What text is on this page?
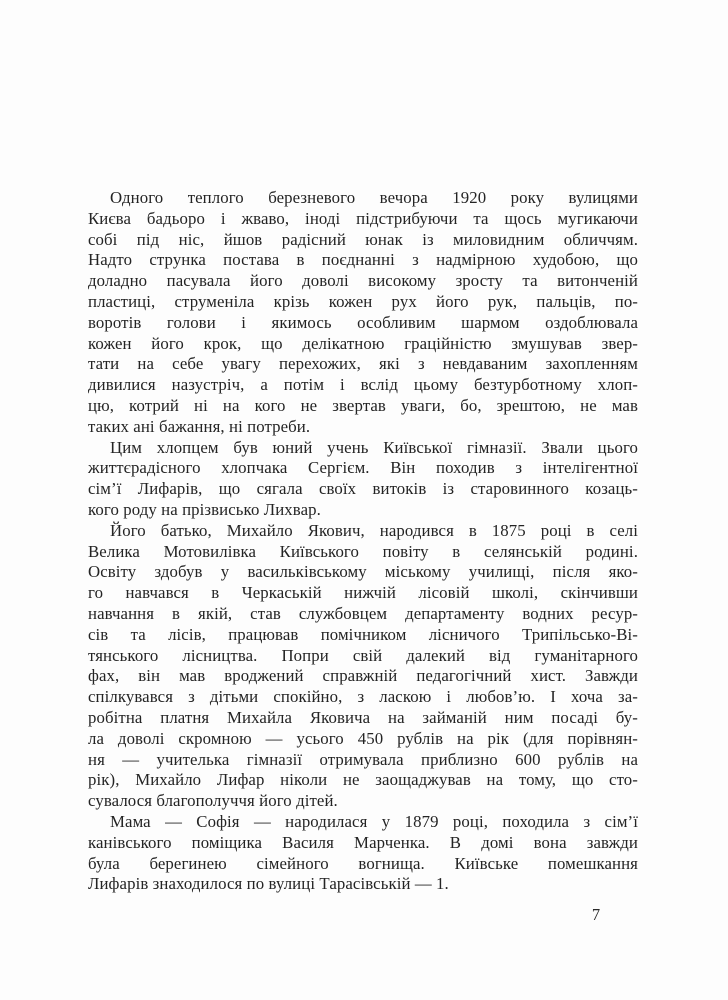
Одного теплого березневого вечора 1920 року вулицями
Києва бадьоро і жваво, іноді підстрибуючи та щось мугикаючи
собі під ніс, йшов радісний юнак із миловидним обличчям.
Надто струнка постава в поєднанні з надмірною худобою, що
доладно пасувала його доволі високому зросту та витонченій
пластиці, струменіла крізь кожен рух його рук, пальців, по-
воротів голови і якимось особливим шармом оздоблювала
кожен його крок, що делікатною граційністю змушував звер-
тати на себе увагу перехожих, які з невдаваним захопленням
дивилися назустріч, а потім і вслід цьому безтурботному хлоп-
цю, котрий ні на кого не звертав уваги, бо, зрештою, не мав
таких ані бажання, ні потреби.
Цим хлопцем був юний учень Київської гімназії. Звали цього
життєрадісного хлопчака Сергієм. Він походив з інтелігентної
сім’ї Лифарів, що сягала своїх витоків із старовинного козаць-
кого роду на прізвисько Лихвар.
Його батько, Михайло Якович, народився в 1875 році в селі
Велика Мотовилівка Київського повіту в селянській родині.
Освіту здобув у васильківському міському училищі, після яко-
го навчався в Черкаській нижчій лісовій школі, скінчивши
навчання в якій, став службовцем департаменту водних ресур-
сів та лісів, працював помічником лісничого Трипільсько-Ві-
тянського лісництва. Попри свій далекий від гуманітарного
фах, він мав вроджений справжній педагогічний хист. Завжди
спілкувався з дітьми спокійно, з ласкою і любов’ю. І хоча за-
робітна платня Михайла Яковича на займаній ним посаді бу-
ла доволі скромною — усього 450 рублів на рік (для порівнян-
ня — учителька гімназії отримувала приблизно 600 рублів на
рік), Михайло Лифар ніколи не заощаджував на тому, що сто-
сувалося благополуччя його дітей.
Мама — Софія — народилася у 1879 році, походила з сім’ї
канівського поміщика Василя Марченка. В домі вона завжди
була берегинею сімейного вогнища. Київське помешкання
Лифарів знаходилося по вулиці Тарасівській — 1.
7
